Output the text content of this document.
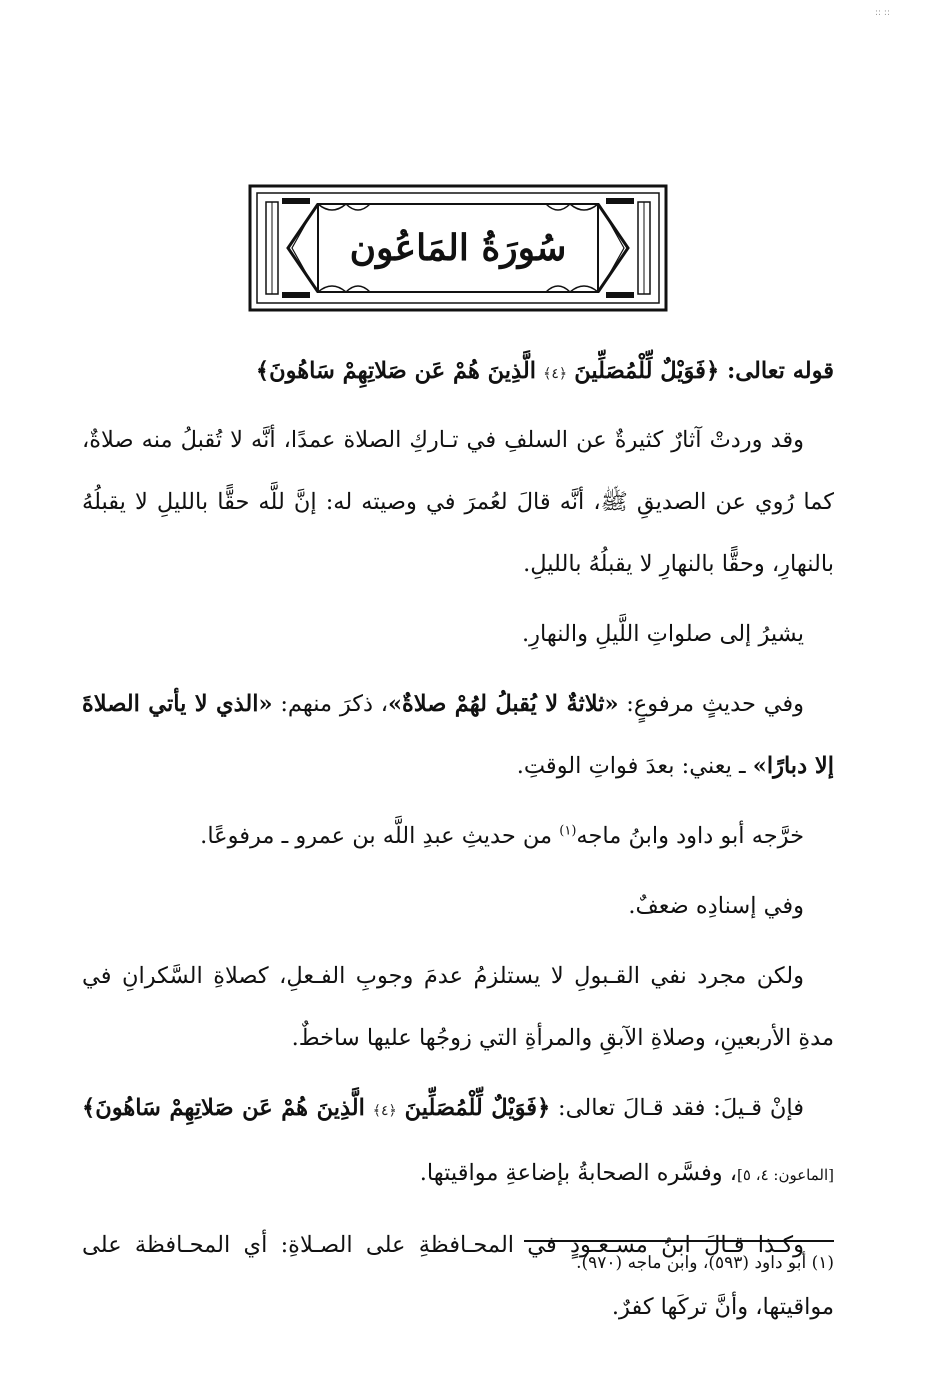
:: ::
سُورَةُ المَاعُون

قوله تعالى: ﴿فَوَيْلٌ لِّلْمُصَلِّينَ ﴿٤﴾ الَّذِينَ هُمْ عَن صَلاتِهِمْ سَاهُونَ﴾

وقد وردتْ آثارٌ كثيرةٌ عن السلفِ في تـاركِ الصلاة عمدًا، أنَّه لا تُقبلُ منه صلاةٌ، كما رُوي عن الصديقِ ﷺ، أنَّه قالَ لعُمرَ في وصيته له: إنَّ للَّه حقًّا بالليلِ لا يقبلُهُ بالنهارِ، وحقًّا بالنهارِ لا يقبلُهُ بالليلِ.

يشيرُ إلى صلواتِ اللَّيلِ والنهارِ.

وفي حديثٍ مرفوعٍ: «ثلاثةٌ لا يُقبلُ لهُمْ صلاةٌ»، ذكرَ منهم: «الذي لا يأتي الصلاةَ إلا دبارًا» ـ يعني: بعدَ فواتِ الوقتِ.

خرَّجه أبو داود وابنُ ماجه$^{(١)}$ من حديثِ عبدِ اللَّه بن عمرو ـ مرفوعًا.

وفي إسنادِه ضعفٌ.

ولكن مجرد نفي القـبولِ لا يستلزمُ عدمَ وجوبِ الفـعلِ، كصلاةِ السَّكرانِ في مدةِ الأربعينِ، وصلاةِ الآبقِ والمرأةِ التي زوجُها عليها ساخطٌ.

فإنْ قـيلَ: فقد قـالَ تعالى: ﴿فَوَيْلٌ لِّلْمُصَلِّينَ ﴿٤﴾ الَّذِينَ هُمْ عَن صَلاتِهِمْ سَاهُونَ﴾ [الماعون: ٤، ٥]، وفسَّره الصحابةُ بإضاعةِ مواقيتها.

وكـذا قـالَ ابنُ مسـعـودٍ في المحـافظةِ على الصـلاةِ: أي المحـافظة على مواقيتها، وأنَّ تركَها كفرٌ.

(١) أبو داود (٥٩٣)، وابن ماجه (٩٧٠).
